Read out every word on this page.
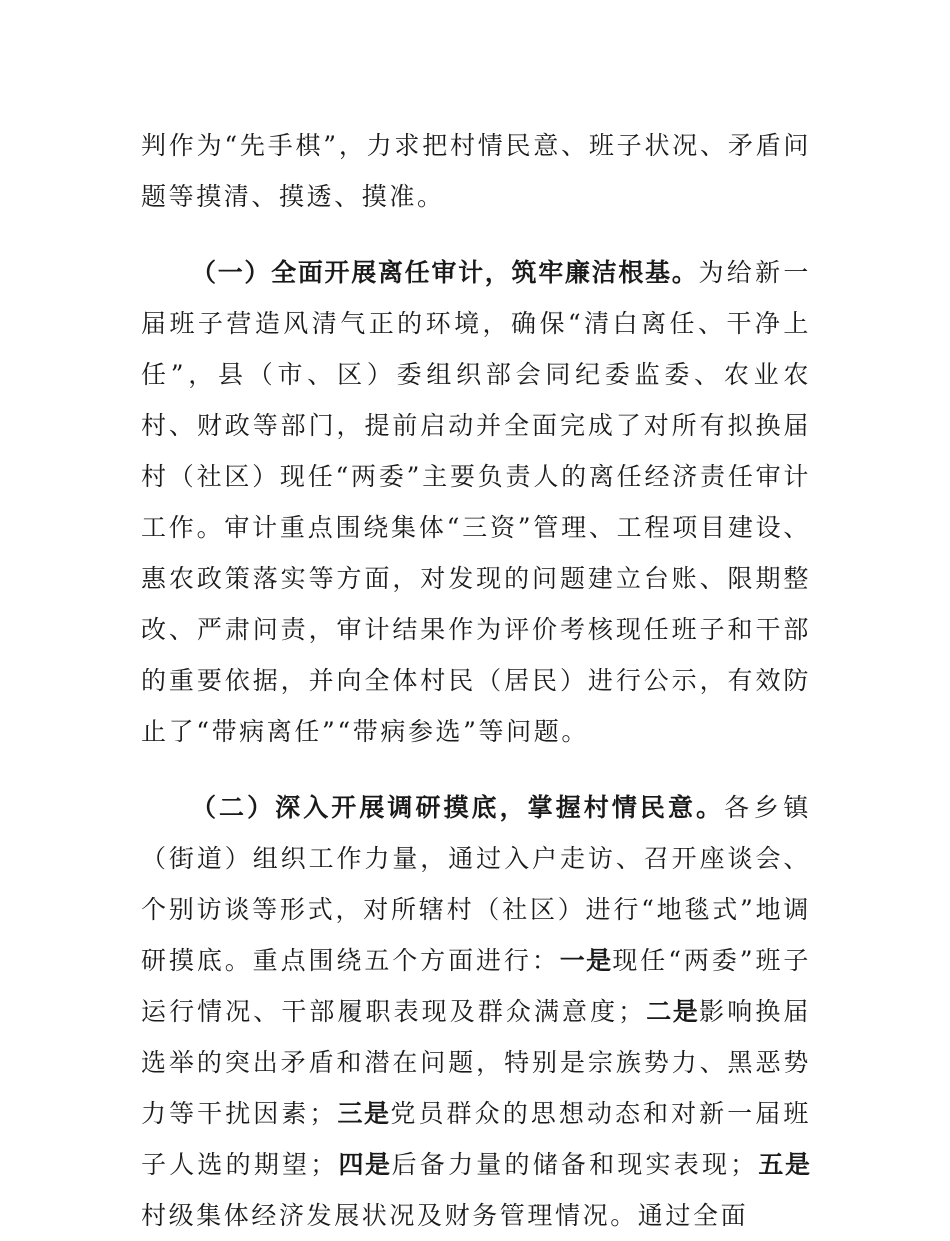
判作为“先手棋”，力求把村情民意、班子状况、矛盾问题等摸清、摸透、摸准。

（一）全面开展离任审计，筑牢廉洁根基。为给新一届班子营造风清气正的环境，确保“清白离任、干净上任”，县（市、区）委组织部会同纪委监委、农业农村、财政等部门，提前启动并全面完成了对所有拟换届村（社区）现任“两委”主要负责人的离任经济责任审计工作。审计重点围绕集体“三资”管理、工程项目建设、惠农政策落实等方面，对发现的问题建立台账、限期整改、严肃问责，审计结果作为评价考核现任班子和干部的重要依据，并向全体村民（居民）进行公示，有效防止了“带病离任”“带病参选”等问题。

（二）深入开展调研摸底，掌握村情民意。各乡镇（街道）组织工作力量，通过入户走访、召开座谈会、个别访谈等形式，对所辖村（社区）进行“地毯式”地调研摸底。重点围绕五个方面进行：一是现任“两委”班子运行情况、干部履职表现及群众满意度；二是影响换届选举的突出矛盾和潜在问题，特别是宗族势力、黑恶势力等干扰因素；三是党员群众的思想动态和对新一届班子人选的期望；四是后备力量的储备和现实表现；五是村级集体经济发展状况及财务管理情况。通过全面
